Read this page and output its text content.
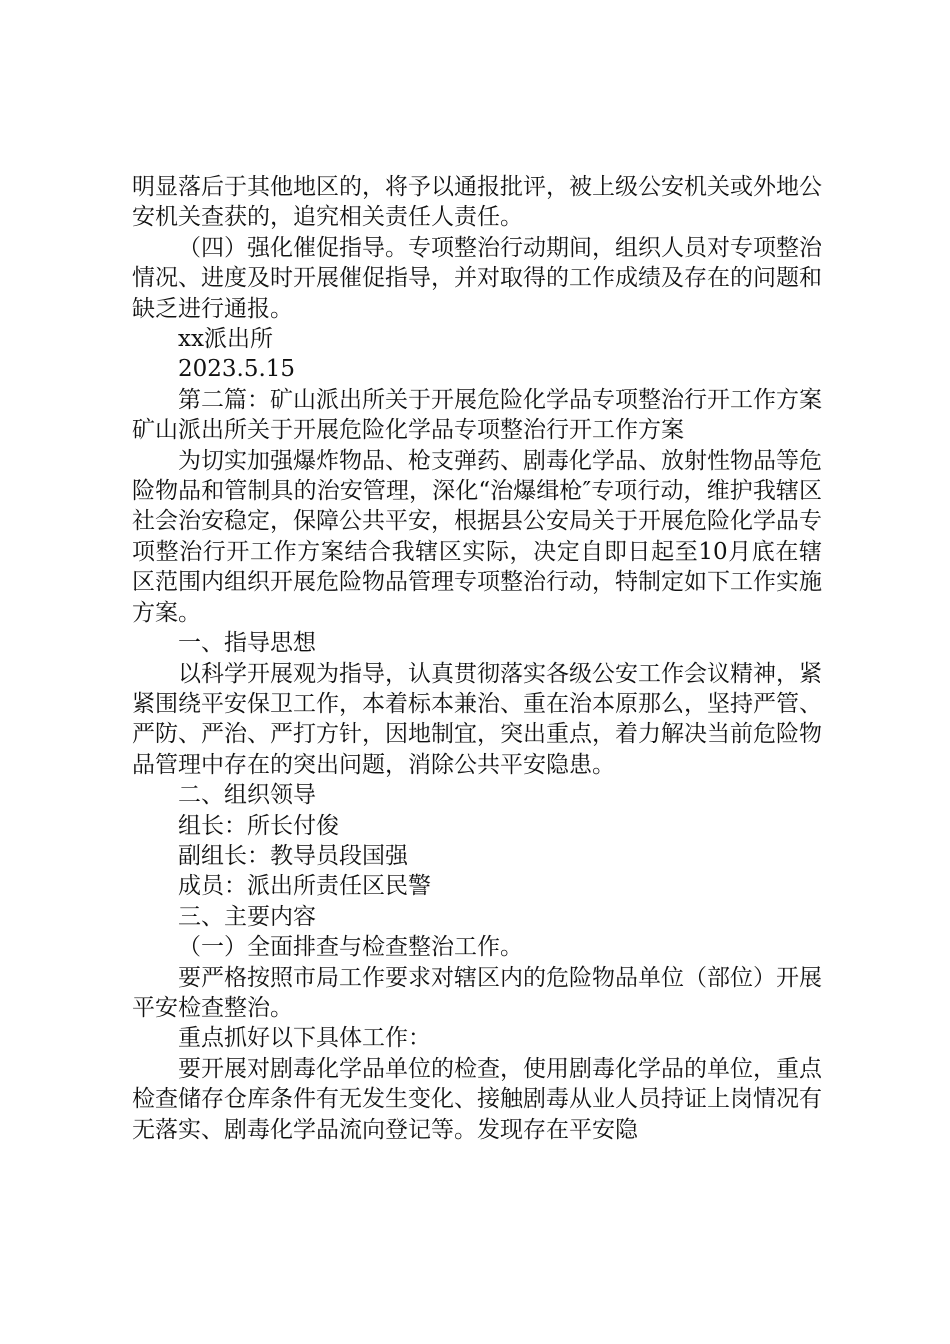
明显落后于其他地区的，将予以通报批评，被上级公安机关或外地公安机关查获的，追究相关责任人责任。

（四）强化催促指导。专项整治行动期间，组织人员对专项整治情况、进度及时开展催促指导，并对取得的工作成绩及存在的问题和缺乏进行通报。

xx派出所

2023.5.15

第二篇：矿山派出所关于开展危险化学品专项整治行开工作方案矿山派出所关于开展危险化学品专项整治行开工作方案

为切实加强爆炸物品、枪支弹药、剧毒化学品、放射性物品等危险物品和管制具的治安管理，深化“治爆缉枪″专项行动，维护我辖区社会治安稳定，保障公共平安，根据县公安局关于开展危险化学品专项整治行开工作方案结合我辖区实际，决定自即日起至10月底在辖区范围内组织开展危险物品管理专项整治行动，特制定如下工作实施方案。

一、指导思想

以科学开展观为指导，认真贯彻落实各级公安工作会议精神，紧紧围绕平安保卫工作，本着标本兼治、重在治本原那么，坚持严管、严防、严治、严打方针，因地制宜，突出重点，着力解决当前危险物品管理中存在的突出问题，消除公共平安隐患。

二、组织领导

组长：所长付俊

副组长：教导员段国强

成员：派出所责任区民警

三、主要内容

（一）全面排查与检查整治工作。

要严格按照市局工作要求对辖区内的危险物品单位（部位）开展平安检查整治。

重点抓好以下具体工作：

要开展对剧毒化学品单位的检查，使用剧毒化学品的单位，重点检查储存仓库条件有无发生变化、接触剧毒从业人员持证上岗情况有无落实、剧毒化学品流向登记等。发现存在平安隐
